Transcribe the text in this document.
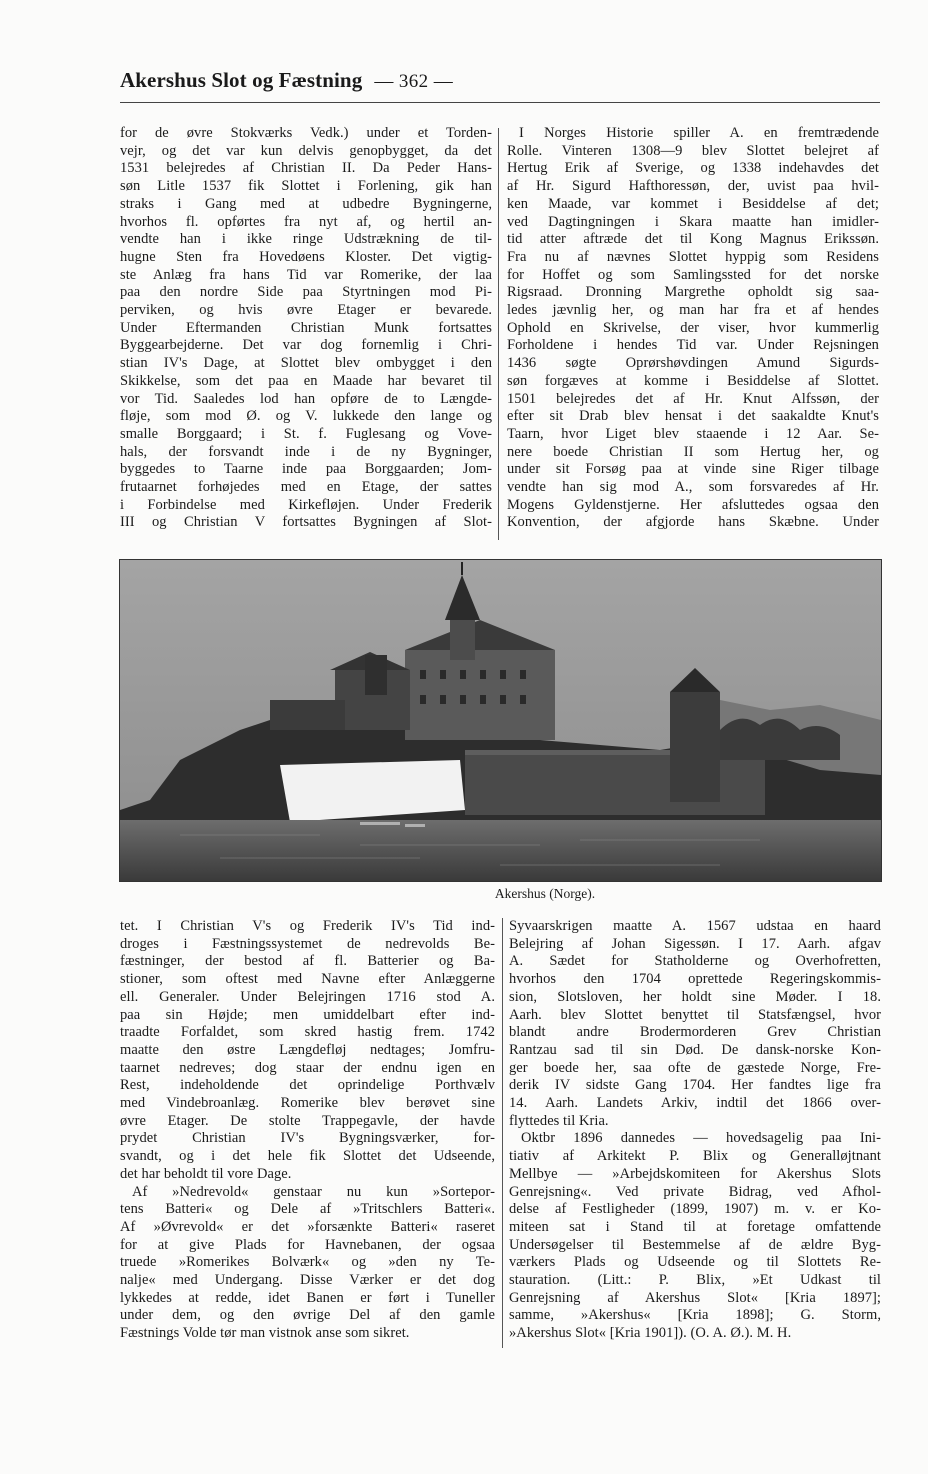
Akershus Slot og Fæstning — 362 —
for de øvre Stokværks Vedk.) under et Torden-
vejr, og det var kun delvis genopbygget, da det
1531 belejredes af Christian II. Da Peder Hans-
søn Litle 1537 fik Slottet i Forlening, gik han
straks i Gang med at udbedre Bygningerne,
hvorhos fl. opførtes fra nyt af, og hertil an-
vendte han i ikke ringe Udstrækning de til-
hugne Sten fra Hovedøens Kloster. Det vigtig-
ste Anlæg fra hans Tid var Romerike, der laa
paa den nordre Side paa Styrtningen mod Pi-
perviken, og hvis øvre Etager er bevarede.
Under Eftermanden Christian Munk fortsattes
Byggearbejderne. Det var dog fornemlig i Chri-
stian IV's Dage, at Slottet blev ombygget i den
Skikkelse, som det paa en Maade har bevaret til
vor Tid. Saaledes lod han opføre de to Længde-
fløje, som mod Ø. og V. lukkede den lange og
smalle Borggaard; i St. f. Fuglesang og Vove-
hals, der forsvandt inde i de ny Bygninger,
byggedes to Taarne inde paa Borggaarden; Jom-
frutaarnet forhøjedes med en Etage, der sattes
i Forbindelse med Kirkefløjen. Under Frederik
III og Christian V fortsattes Bygningen af Slot-
I Norges Historie spiller A. en fremtrædende
Rolle. Vinteren 1308—9 blev Slottet belejret af
Hertug Erik af Sverige, og 1338 indehavdes det
af Hr. Sigurd Hafthoressøn, der, uvist paa hvil-
ken Maade, var kommet i Besiddelse af det;
ved Dagtingningen i Skara maatte han imidler-
tid atter aftræde det til Kong Magnus Erikssøn.
Fra nu af nævnes Slottet hyppig som Residens
for Hoffet og som Samlingssted for det norske
Rigsraad. Dronning Margrethe opholdt sig saa-
ledes jævnlig her, og man har fra et af hendes
Ophold en Skrivelse, der viser, hvor kummerlig
Forholdene i hendes Tid var. Under Rejsningen
1436 søgte Oprørshøvdingen Amund Sigurds-
søn forgæves at komme i Besiddelse af Slottet.
1501 belejredes det af Hr. Knut Alfssøn, der
efter sit Drab blev hensat i det saakaldte Knut's
Taarn, hvor Liget blev staaende i 12 Aar. Se-
nere boede Christian II som Hertug her, og
under sit Forsøg paa at vinde sine Riger tilbage
vendte han sig mod A., som forsvaredes af Hr.
Mogens Gyldenstjerne. Her afsluttedes ogsaa den
Konvention, der afgjorde hans Skæbne. Under
Akershus (Norge).
tet. I Christian V's og Frederik IV's Tid ind-
droges i Fæstningssystemet de nedrevolds Be-
fæstninger, der bestod af fl. Batterier og Ba-
stioner, som oftest med Navne efter Anlæggerne
ell. Generaler. Under Belejringen 1716 stod A.
paa sin Højde; men umiddelbart efter ind-
traadte Forfaldet, som skred hastig frem. 1742
maatte den østre Længdefløj nedtages; Jomfru-
taarnet nedreves; dog staar der endnu igen en
Rest, indeholdende det oprindelige Porthvælv
med Vindebroanlæg. Romerike blev berøvet sine
øvre Etager. De stolte Trappegavle, der havde
prydet Christian IV's Bygningsværker, for-
svandt, og i det hele fik Slottet det Udseende,
det har beholdt til vore Dage.
Af »Nedrevold« genstaar nu kun »Sortepor-
tens Batteri« og Dele af »Tritschlers Batteri«.
Af »Øvrevold« er det »forsænkte Batteri« raseret
for at give Plads for Havnebanen, der ogsaa
truede »Romerikes Bolværk« og »den ny Te-
nalje« med Undergang. Disse Værker er det dog
lykkedes at redde, idet Banen er ført i Tuneller
under dem, og den øvrige Del af den gamle
Fæstnings Volde tør man vistnok anse som sikret.
Syvaarskrigen maatte A. 1567 udstaa en haard
Belejring af Johan Sigessøn. I 17. Aarh. afgav
A. Sædet for Statholderne og Overhofretten,
hvorhos den 1704 oprettede Regeringskommis-
sion, Slotsloven, her holdt sine Møder. I 18.
Aarh. blev Slottet benyttet til Statsfængsel, hvor
blandt andre Brodermorderen Grev Christian
Rantzau sad til sin Død. De dansk-norske Kon-
ger boede her, saa ofte de gæstede Norge, Fre-
derik IV sidste Gang 1704. Her fandtes lige fra
14. Aarh. Landets Arkiv, indtil det 1866 over-
flyttedes til Kria.
Oktbr 1896 dannedes — hovedsagelig paa Ini-
tiativ af Arkitekt P. Blix og Generalløjtnant
Mellbye — »Arbejdskomiteen for Akershus Slots
Genrejsning«. Ved private Bidrag, ved Afhol-
delse af Festligheder (1899, 1907) m. v. er Ko-
miteen sat i Stand til at foretage omfattende
Undersøgelser til Bestemmelse af de ældre Byg-
værkers Plads og Udseende og til Slottets Re-
stauration. (Litt.: P. Blix, »Et Udkast til
Genrejsning af Akershus Slot« [Kria 1897];
samme, »Akershus« [Kria 1898]; G. Storm,
»Akershus Slot« [Kria 1901]). (O. A. Ø.). M. H.
